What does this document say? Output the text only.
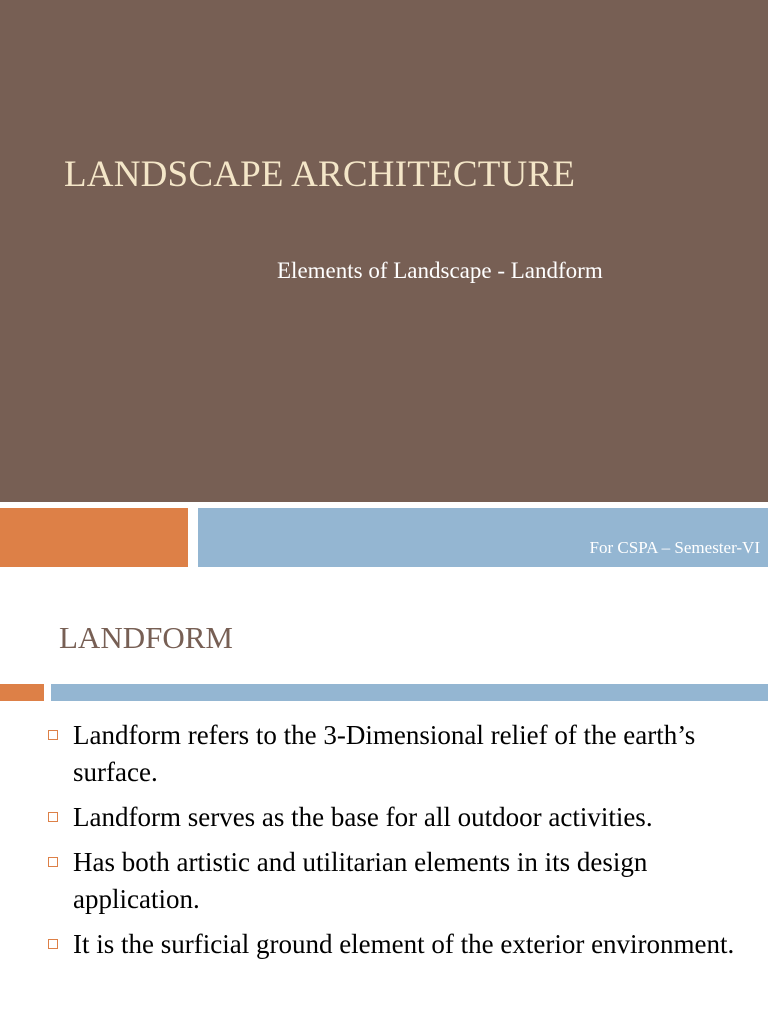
LANDSCAPE ARCHITECTURE
Elements of Landscape - Landform
For CSPA – Semester-VI
LANDFORM
Landform refers to the 3-Dimensional relief of the earth’s surface.
Landform serves as the base for all outdoor activities.
Has both artistic and utilitarian elements in its design application.
It is the surficial ground element of the exterior environment.
